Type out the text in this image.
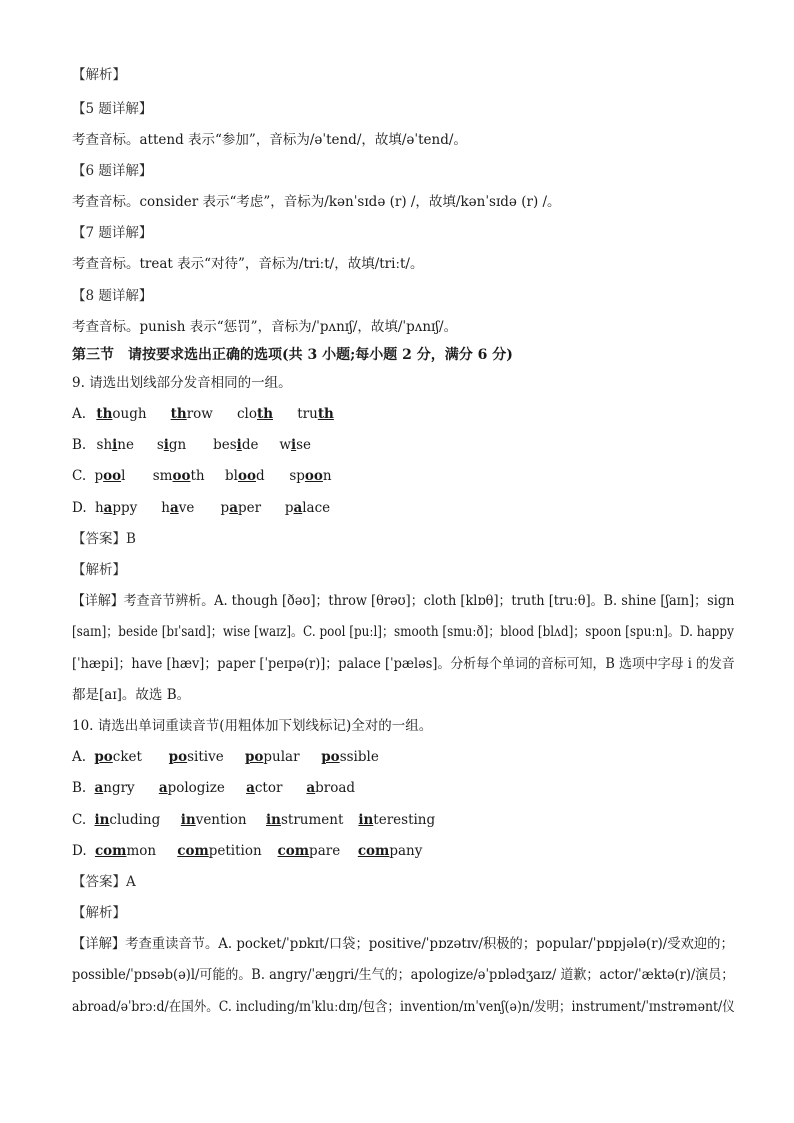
【解析】
【5 题详解】
考查音标。attend 表示“参加”，音标为/əˈtend/，故填/əˈtend/。
【6 题详解】
考查音标。consider 表示“考虑”，音标为/kənˈsɪdə (r) /，故填/kənˈsɪdə (r) /。
【7 题详解】
考查音标。treat 表示“对待”，音标为/triːt/，故填/triːt/。
【8 题详解】
考查音标。punish 表示“惩罚”，音标为/ˈpʌnɪʃ/，故填/ˈpʌnɪʃ/。
第三节　请按要求选出正确的选项(共 3 小题;每小题 2 分，满分 6 分)
9. 请选出划线部分发音相同的一组。
A. though throw cloth truth
B. shine sign beside wise
C. pool smooth blood spoon
D. happy have paper palace
【答案】B
【解析】
【详解】考查音节辨析。A. though [ðəʊ]；throw [θrəʊ]；cloth [klɒθ]；truth [truːθ]。B. shine [ʃaɪn]；sign
[saɪn]；beside [bɪˈsaɪd]；wise [waɪz]。C. pool [puːl]；smooth [smuːð]；blood [blʌd]；spoon [spuːn]。D. happy
[ˈhæpi]；have [hæv]；paper [ˈpeɪpə(r)]；palace [ˈpæləs]。分析每个单词的音标可知，B 选项中字母 i 的发音
都是[aɪ]。故选 B。
10. 请选出单词重读音节(用粗体加下划线标记)全对的一组。
A. pocket positive popular possible
B. angry apologize actor abroad
C. including invention instrument interesting
D. common competition compare company
【答案】A
【解析】
【详解】考查重读音节。A. pocket/ˈpɒkɪt/口袋；positive/ˈpɒzətɪv/积极的；popular/ˈpɒpjələ(r)/受欢迎的；
possible/ˈpɒsəb(ə)l/可能的。B. angry/ˈæŋɡri/生气的；apologize/əˈpɒlədʒaɪz/ 道歉；actor/ˈæktə(r)/演员；
abroad/əˈbrɔːd/在国外。C. including/ɪnˈkluːdɪŋ/包含；invention/ɪnˈvenʃ(ə)n/发明；instrument/ˈɪnstrəmənt/仪
